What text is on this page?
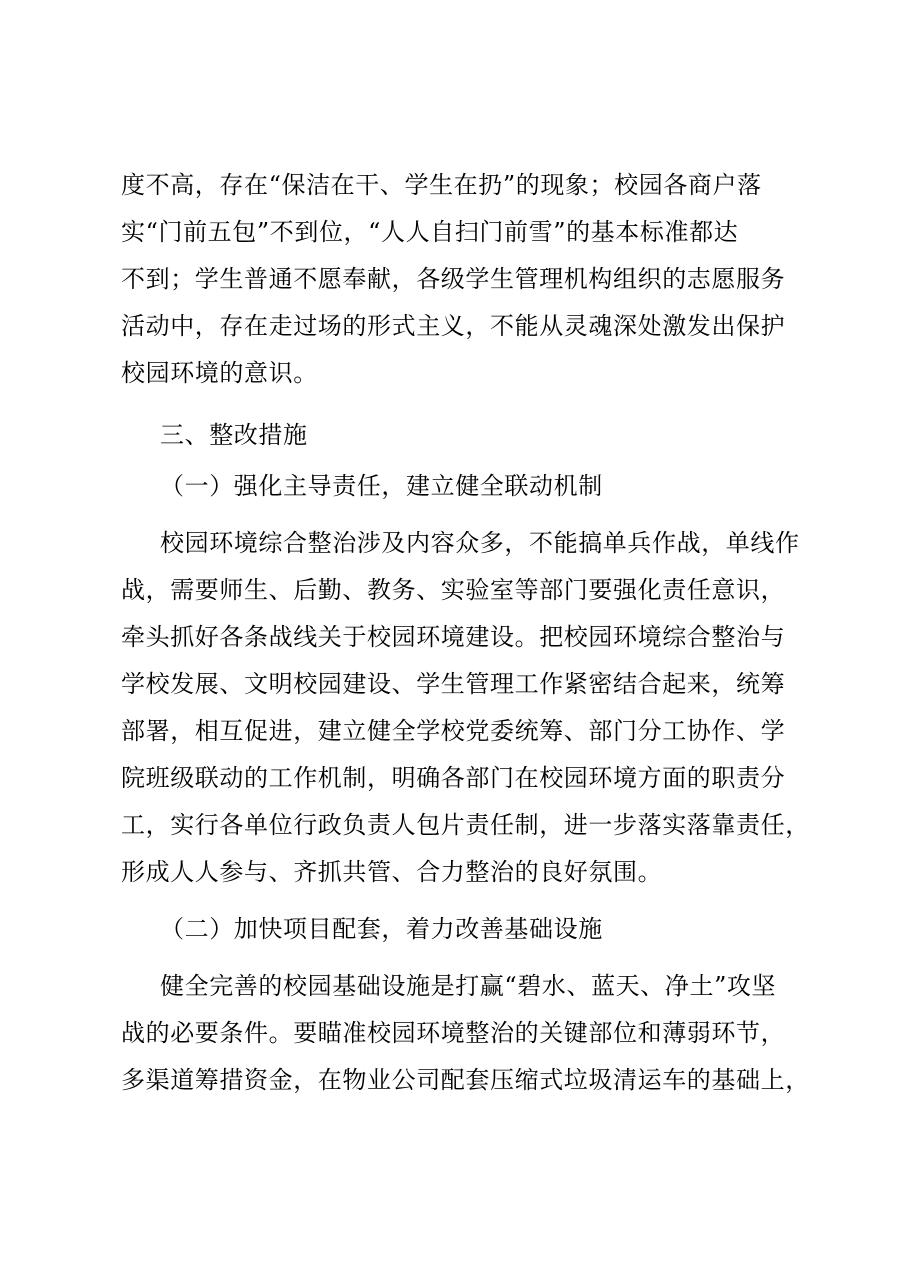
度不高，存在“保洁在干、学生在扔”的现象；校园各商户落
实“门前五包”不到位，“人人自扫门前雪”的基本标准都达
不到；学生普通不愿奉献，各级学生管理机构组织的志愿服务
活动中，存在走过场的形式主义，不能从灵魂深处激发出保护
校园环境的意识。
三、整改措施
（一）强化主导责任，建立健全联动机制
校园环境综合整治涉及内容众多，不能搞单兵作战，单线作
战，需要师生、后勤、教务、实验室等部门要强化责任意识，
牵头抓好各条战线关于校园环境建设。把校园环境综合整治与
学校发展、文明校园建设、学生管理工作紧密结合起来，统筹
部署，相互促进，建立健全学校党委统筹、部门分工协作、学
院班级联动的工作机制，明确各部门在校园环境方面的职责分
工，实行各单位行政负责人包片责任制，进一步落实落靠责任，
形成人人参与、齐抓共管、合力整治的良好氛围。
（二）加快项目配套，着力改善基础设施
健全完善的校园基础设施是打赢“碧水、蓝天、净土”攻坚
战的必要条件。要瞄准校园环境整治的关键部位和薄弱环节，
多渠道筹措资金，在物业公司配套压缩式垃圾清运车的基础上，
